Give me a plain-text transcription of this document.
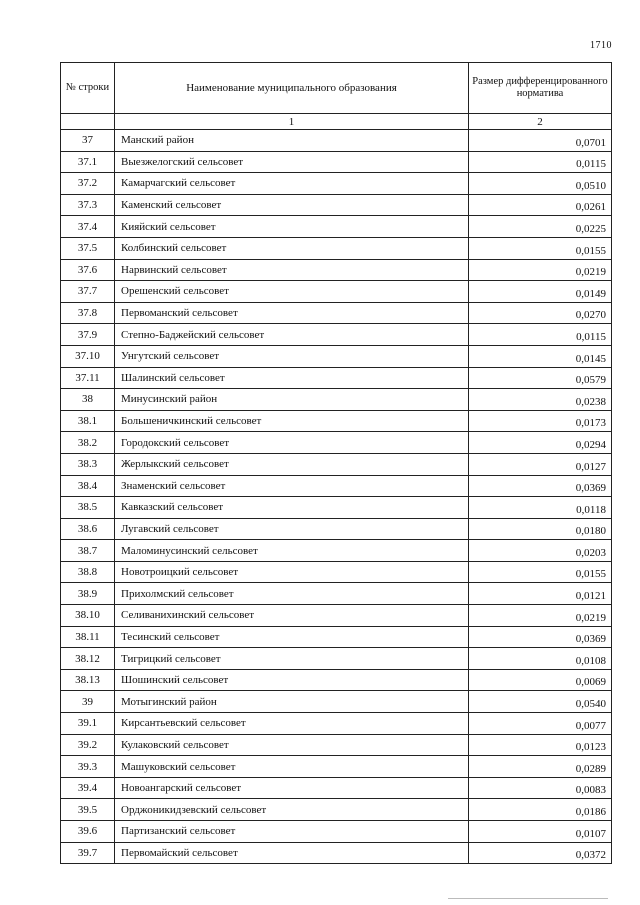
1710
№ строки	Наименование муниципального образования	Размер дифференцированного норматива
	1	2
37	Манский район	0,0701
37.1	Выезжелогский сельсовет	0,0115
37.2	Камарчагский сельсовет	0,0510
37.3	Каменский сельсовет	0,0261
37.4	Кияйский сельсовет	0,0225
37.5	Колбинский сельсовет	0,0155
37.6	Нарвинский сельсовет	0,0219
37.7	Орешенский сельсовет	0,0149
37.8	Первоманский сельсовет	0,0270
37.9	Степно-Баджейский сельсовет	0,0115
37.10	Унгутский сельсовет	0,0145
37.11	Шалинский сельсовет	0,0579
38	Минусинский район	0,0238
38.1	Большеничкинский сельсовет	0,0173
38.2	Городокский сельсовет	0,0294
38.3	Жерлыкский сельсовет	0,0127
38.4	Знаменский сельсовет	0,0369
38.5	Кавказский сельсовет	0,0118
38.6	Лугавский сельсовет	0,0180
38.7	Маломинусинский сельсовет	0,0203
38.8	Новотроицкий сельсовет	0,0155
38.9	Прихолмский сельсовет	0,0121
38.10	Селиванихинский сельсовет	0,0219
38.11	Тесинский сельсовет	0,0369
38.12	Тигрицкий сельсовет	0,0108
38.13	Шошинский сельсовет	0,0069
39	Мотыгинский район	0,0540
39.1	Кирсантьевский сельсовет	0,0077
39.2	Кулаковский сельсовет	0,0123
39.3	Машуковский сельсовет	0,0289
39.4	Новоангарский сельсовет	0,0083
39.5	Орджоникидзевский сельсовет	0,0186
39.6	Партизанский сельсовет	0,0107
39.7	Первомайский сельсовет	0,0372
